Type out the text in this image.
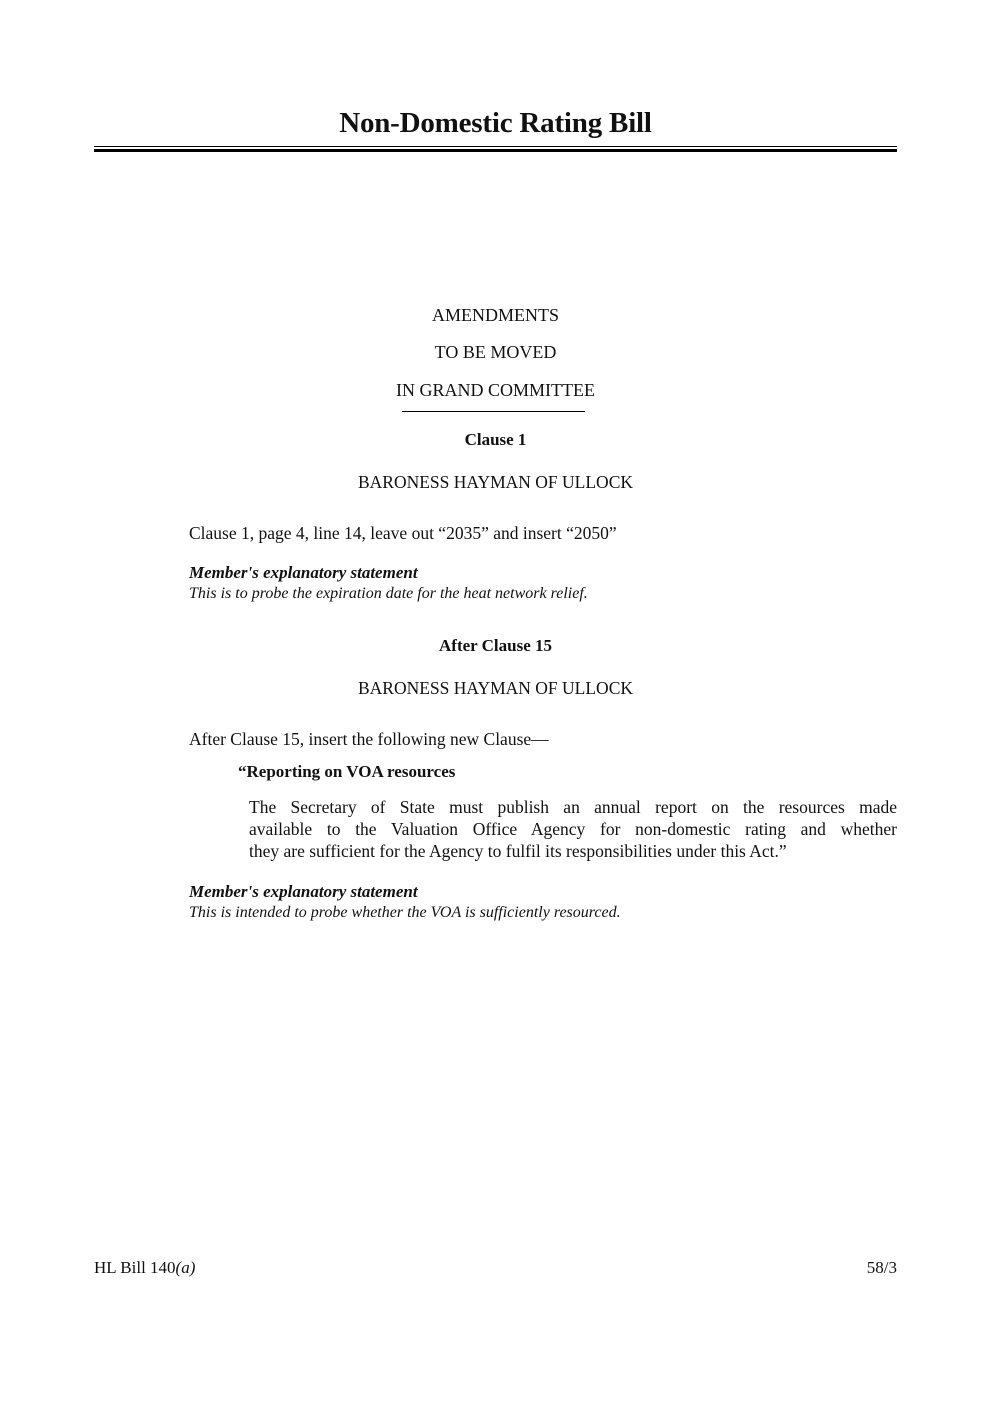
Non-Domestic Rating Bill
AMENDMENTS
TO BE MOVED
IN GRAND COMMITTEE
Clause 1
BARONESS HAYMAN OF ULLOCK
Clause 1, page 4, line 14, leave out “2035” and insert “2050”
Member's explanatory statement
This is to probe the expiration date for the heat network relief.
After Clause 15
BARONESS HAYMAN OF ULLOCK
After Clause 15, insert the following new Clause—
“Reporting on VOA resources
The Secretary of State must publish an annual report on the resources made
available to the Valuation Office Agency for non-domestic rating and whether
they are sufficient for the Agency to fulfil its responsibilities under this Act.”
Member's explanatory statement
This is intended to probe whether the VOA is sufficiently resourced.
HL Bill 140(a)	58/3
